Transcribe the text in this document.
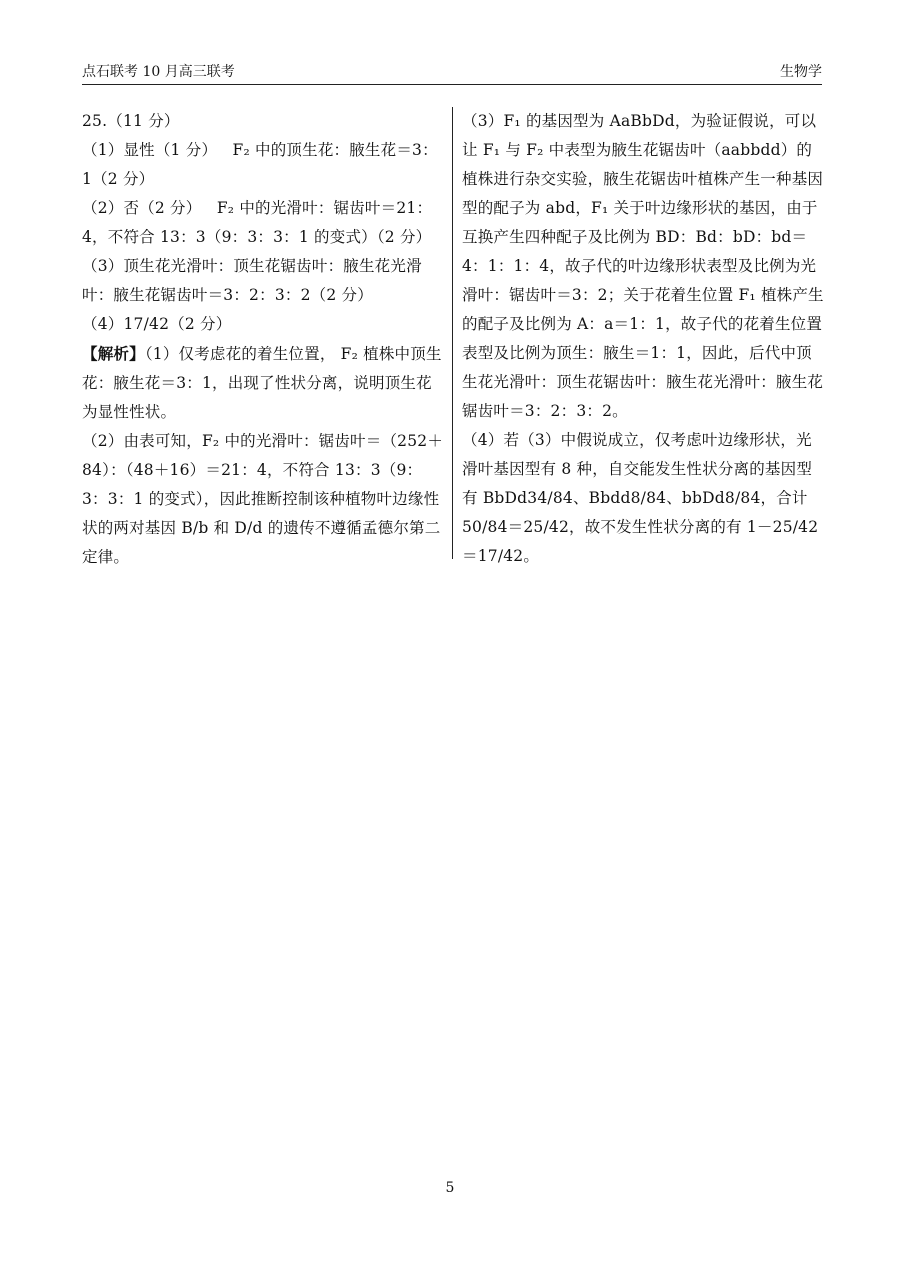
点石联考 10 月高三联考	生物学

25.（11 分）

（1）显性（1 分）   F₂ 中的顶生花：腋生花＝3：1（2 分）

（2）否（2 分）   F₂ 中的光滑叶：锯齿叶＝21：4，不符合 13：3（9：3：3：1 的变式）（2 分）

（3）顶生花光滑叶：顶生花锯齿叶：腋生花光滑叶：腋生花锯齿叶＝3：2：3：2（2 分）

（4）17/42（2 分）

【解析】（1）仅考虑花的着生位置， F₂ 植株中顶生花：腋生花＝3：1，出现了性状分离，说明顶生花为显性性状。

（2）由表可知，F₂ 中的光滑叶：锯齿叶＝（252＋84）：（48＋16）＝21：4，不符合 13：3（9：3：3：1 的变式），因此推断控制该种植物叶边缘性状的两对基因 B/b 和 D/d 的遗传不遵循孟德尔第二定律。

（3）F₁ 的基因型为 AaBbDd，为验证假说，可以让 F₁ 与 F₂ 中表型为腋生花锯齿叶（aabbdd）的植株进行杂交实验，腋生花锯齿叶植株产生一种基因型的配子为 abd，F₁ 关于叶边缘形状的基因，由于互换产生四种配子及比例为 BD：Bd：bD：bd＝4：1：1：4，故子代的叶边缘形状表型及比例为光滑叶：锯齿叶＝3：2；关于花着生位置 F₁ 植株产生的配子及比例为 A：a＝1：1，故子代的花着生位置表型及比例为顶生：腋生＝1：1，因此，后代中顶生花光滑叶：顶生花锯齿叶：腋生花光滑叶：腋生花锯齿叶＝3：2：3：2。

（4）若（3）中假说成立，仅考虑叶边缘形状，光滑叶基因型有 8 种，自交能发生性状分离的基因型有 BbDd34/84、Bbdd8/84、bbDd8/84，合计 50/84＝25/42，故不发生性状分离的有 1－25/42＝17/42。

5
